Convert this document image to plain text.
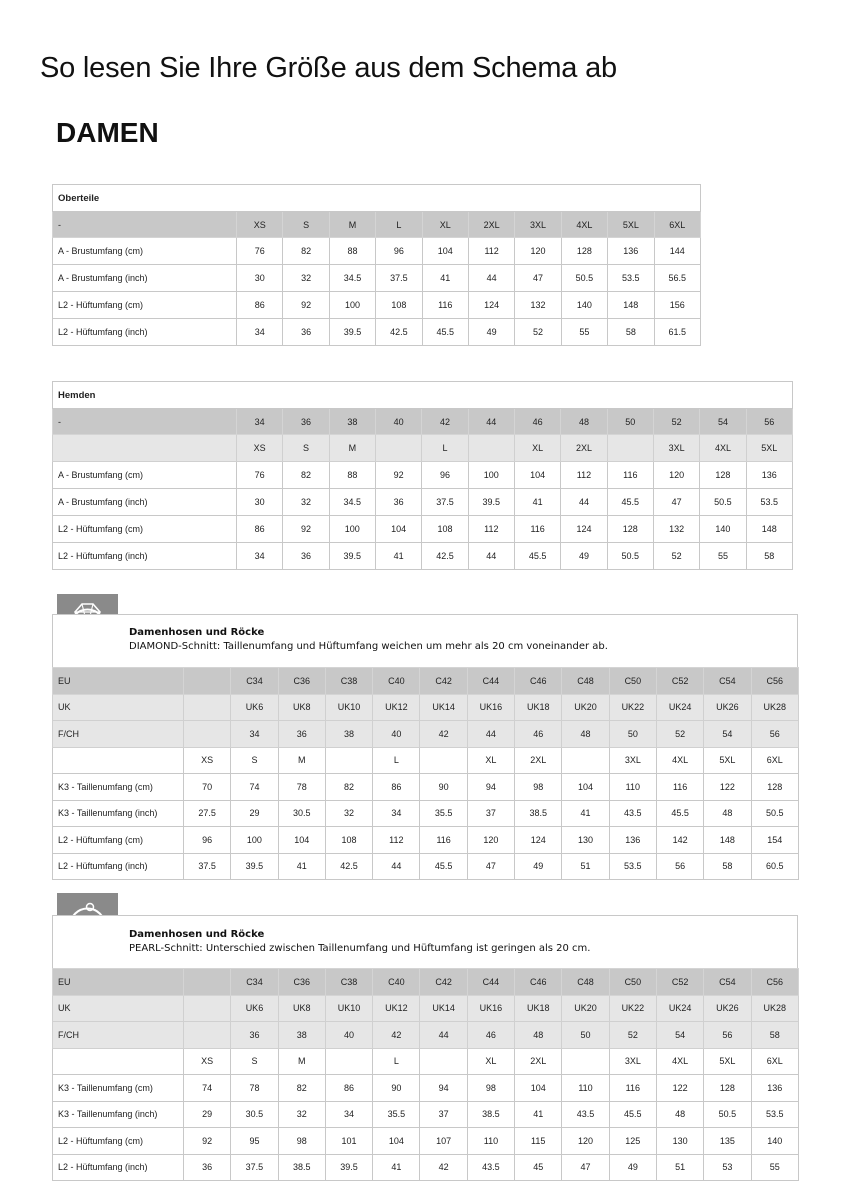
So lesen Sie Ihre Größe aus dem Schema ab
DAMEN
Oberteile										
-	XS	S	M	L	XL	2XL	3XL	4XL	5XL	6XL
A - Brustumfang (cm)	76	82	88	96	104	112	120	128	136	144
A - Brustumfang (inch)	30	32	34.5	37.5	41	44	47	50.5	53.5	56.5
L2 - Hüftumfang (cm)	86	92	100	108	116	124	132	140	148	156
L2 - Hüftumfang (inch)	34	36	39.5	42.5	45.5	49	52	55	58	61.5
Hemden												
-	34	36	38	40	42	44	46	48	50	52	54	56
	XS	S	M		L		XL	2XL		3XL	4XL	5XL
A - Brustumfang (cm)	76	82	88	92	96	100	104	112	116	120	128	136
A - Brustumfang (inch)	30	32	34.5	36	37.5	39.5	41	44	45.5	47	50.5	53.5
L2 - Hüftumfang (cm)	86	92	100	104	108	112	116	124	128	132	140	148
L2 - Hüftumfang (inch)	34	36	39.5	41	42.5	44	45.5	49	50.5	52	55	58
Damenhosen und Röcke
DIAMOND-Schnitt: Taillenumfang und Hüftumfang weichen um mehr als 20 cm voneinander ab.
EU		C34	C36	C38	C40	C42	C44	C46	C48	C50	C52	C54	C56
UK		UK6	UK8	UK10	UK12	UK14	UK16	UK18	UK20	UK22	UK24	UK26	UK28
F/CH		34	36	38	40	42	44	46	48	50	52	54	56
	XS	S	M		L		XL	2XL		3XL	4XL	5XL	6XL
K3 - Taillenumfang (cm)	70	74	78	82	86	90	94	98	104	110	116	122	128
K3 - Taillenumfang (inch)	27.5	29	30.5	32	34	35.5	37	38.5	41	43.5	45.5	48	50.5
L2 - Hüftumfang (cm)	96	100	104	108	112	116	120	124	130	136	142	148	154
L2 - Hüftumfang (inch)	37.5	39.5	41	42.5	44	45.5	47	49	51	53.5	56	58	60.5
Damenhosen und Röcke
PEARL-Schnitt: Unterschied zwischen Taillenumfang und Hüftumfang ist geringen als 20 cm.
EU		C34	C36	C38	C40	C42	C44	C46	C48	C50	C52	C54	C56
UK		UK6	UK8	UK10	UK12	UK14	UK16	UK18	UK20	UK22	UK24	UK26	UK28
F/CH		36	38	40	42	44	46	48	50	52	54	56	58
	XS	S	M		L		XL	2XL		3XL	4XL	5XL	6XL
K3 - Taillenumfang (cm)	74	78	82	86	90	94	98	104	110	116	122	128	136
K3 - Taillenumfang (inch)	29	30.5	32	34	35.5	37	38.5	41	43.5	45.5	48	50.5	53.5
L2 - Hüftumfang (cm)	92	95	98	101	104	107	110	115	120	125	130	135	140
L2 - Hüftumfang (inch)	36	37.5	38.5	39.5	41	42	43.5	45	47	49	51	53	55
